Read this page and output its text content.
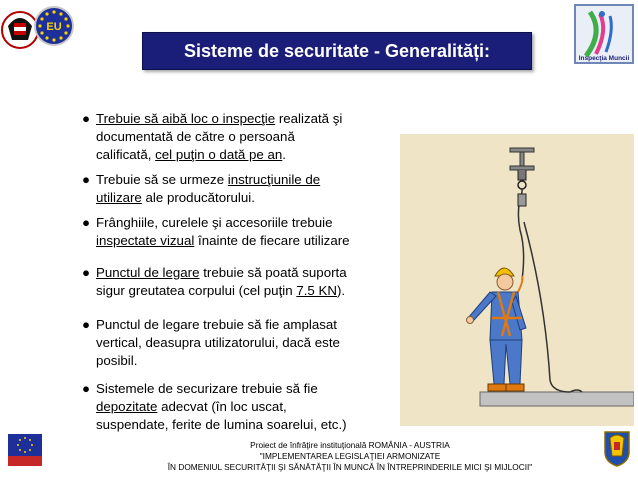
EU
Sisteme de securitate - Generalități:	Inspecţia Muncii
● Trebuie să aibă loc o inspecţie realizată şi
documentată de către o persoană
calificată, cel puţin o dată pe an.
● Trebuie să se urmeze instrucţiunile de
utilizare ale producătorului.
● Frânghiile, curelele şi accesoriile trebuie
inspectate vizual înainte de fiecare utilizare
● Punctul de legare trebuie să poată suporta
sigur greutatea corpului (cel puţin 7.5 KN).
● Punctul de legare trebuie să fie amplasat
vertical, deasupra utilizatorului, dacă este
posibil.
● Sistemele de securizare trebuie să fie
depozitate adecvat (în loc uscat,
suspendate, ferite de lumina soarelui, etc.)
Proiect de înfrăţire instituţională ROMÂNIA - AUSTRIA
"IMPLEMENTAREA LEGISLAŢIEI ARMONIZATE
ÎN DOMENIUL SECURITĂŢII ŞI SĂNĂTĂŢII ÎN MUNCĂ ÎN ÎNTREPRINDERILE MICI ŞI MIJLOCII"
